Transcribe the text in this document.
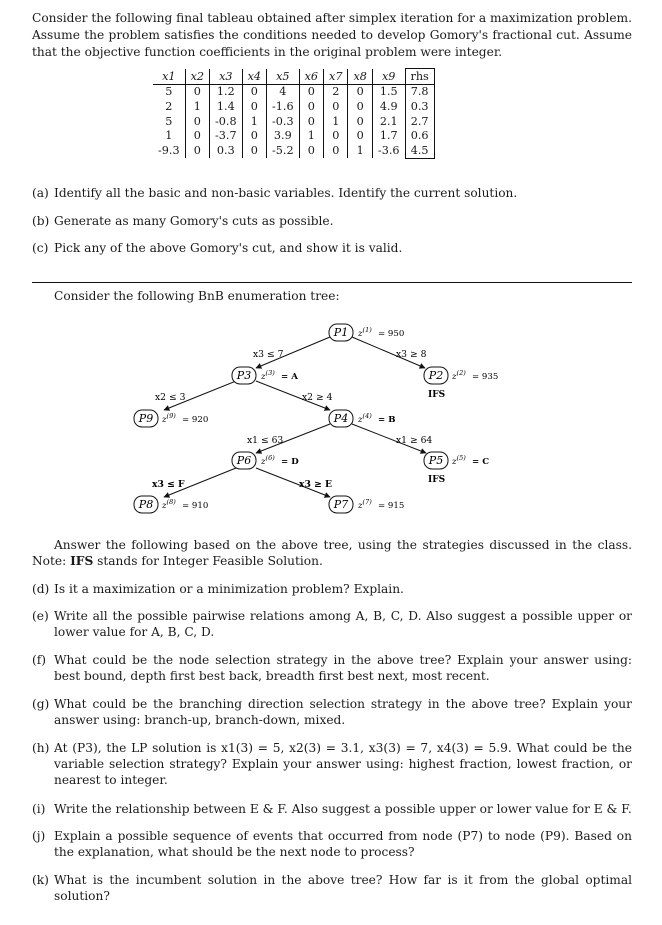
Consider the following final tableau obtained after simplex iteration for a maximization problem. Assume the problem satisfies the conditions needed to develop Gomory's fractional cut. Assume that the objective function coefficients in the original problem were integer.
x1	x2	x3	x4	x5	x6	x7	x8	x9	rhs
5	0	1.2	0	4	0	2	0	1.5	7.8
2	1	1.4	0	-1.6	0	0	0	4.9	0.3
5	0	-0.8	1	-0.3	0	1	0	2.1	2.7
1	0	-3.7	0	3.9	1	0	0	1.7	0.6
-9.3	0	0.3	0	-5.2	0	0	1	-3.6	4.5
(a) Identify all the basic and non-basic variables. Identify the current solution.
(b) Generate as many Gomory's cuts as possible.
(c) Pick any of the above Gomory's cut, and show it is valid.
Consider the following BnB enumeration tree:
x3 ≤ 7	x3 ≥ 8
x2 ≤ 3	x2 ≥ 4
x1 ≤ 63	x1 ≥ 64
x3 ≤ F	x3 ≥ E
P1
P2
P3
P4
P5
P6
P7
P8
P9
$z^{(1)}$
$z^{(2)}$
$z^{(3)}$
$z^{(4)}$
$z^{(5)}$
$z^{(6)}$
$z^{(7)}$
$z^{(8)}$
$z^{(9)}$
= 950
= 935
= A
= B
= C
= D
= 915
= 910
= 920
IFS
IFS
Answer the following based on the above tree, using the strategies discussed in the class. Note: IFS stands for Integer Feasible Solution.
(d) Is it a maximization or a minimization problem? Explain.
(e) Write all the possible pairwise relations among A, B, C, D. Also suggest a possible upper or lower value for A, B, C, D.
(f) What could be the node selection strategy in the above tree? Explain your answer using: best bound, depth first best back, breadth first best next, most recent.
(g) What could be the branching direction selection strategy in the above tree? Explain your answer using: branch-up, branch-down, mixed.
(h) At (P3), the LP solution is x1(3) = 5, x2(3) = 3.1, x3(3) = 7, x4(3) = 5.9. What could be the variable selection strategy? Explain your answer using: highest fraction, lowest fraction, or nearest to integer.
(i) Write the relationship between E & F. Also suggest a possible upper or lower value for E & F.
(j) Explain a possible sequence of events that occurred from node (P7) to node (P9). Based on the explanation, what should be the next node to process?
(k) What is the incumbent solution in the above tree? How far is it from the global optimal solution?
